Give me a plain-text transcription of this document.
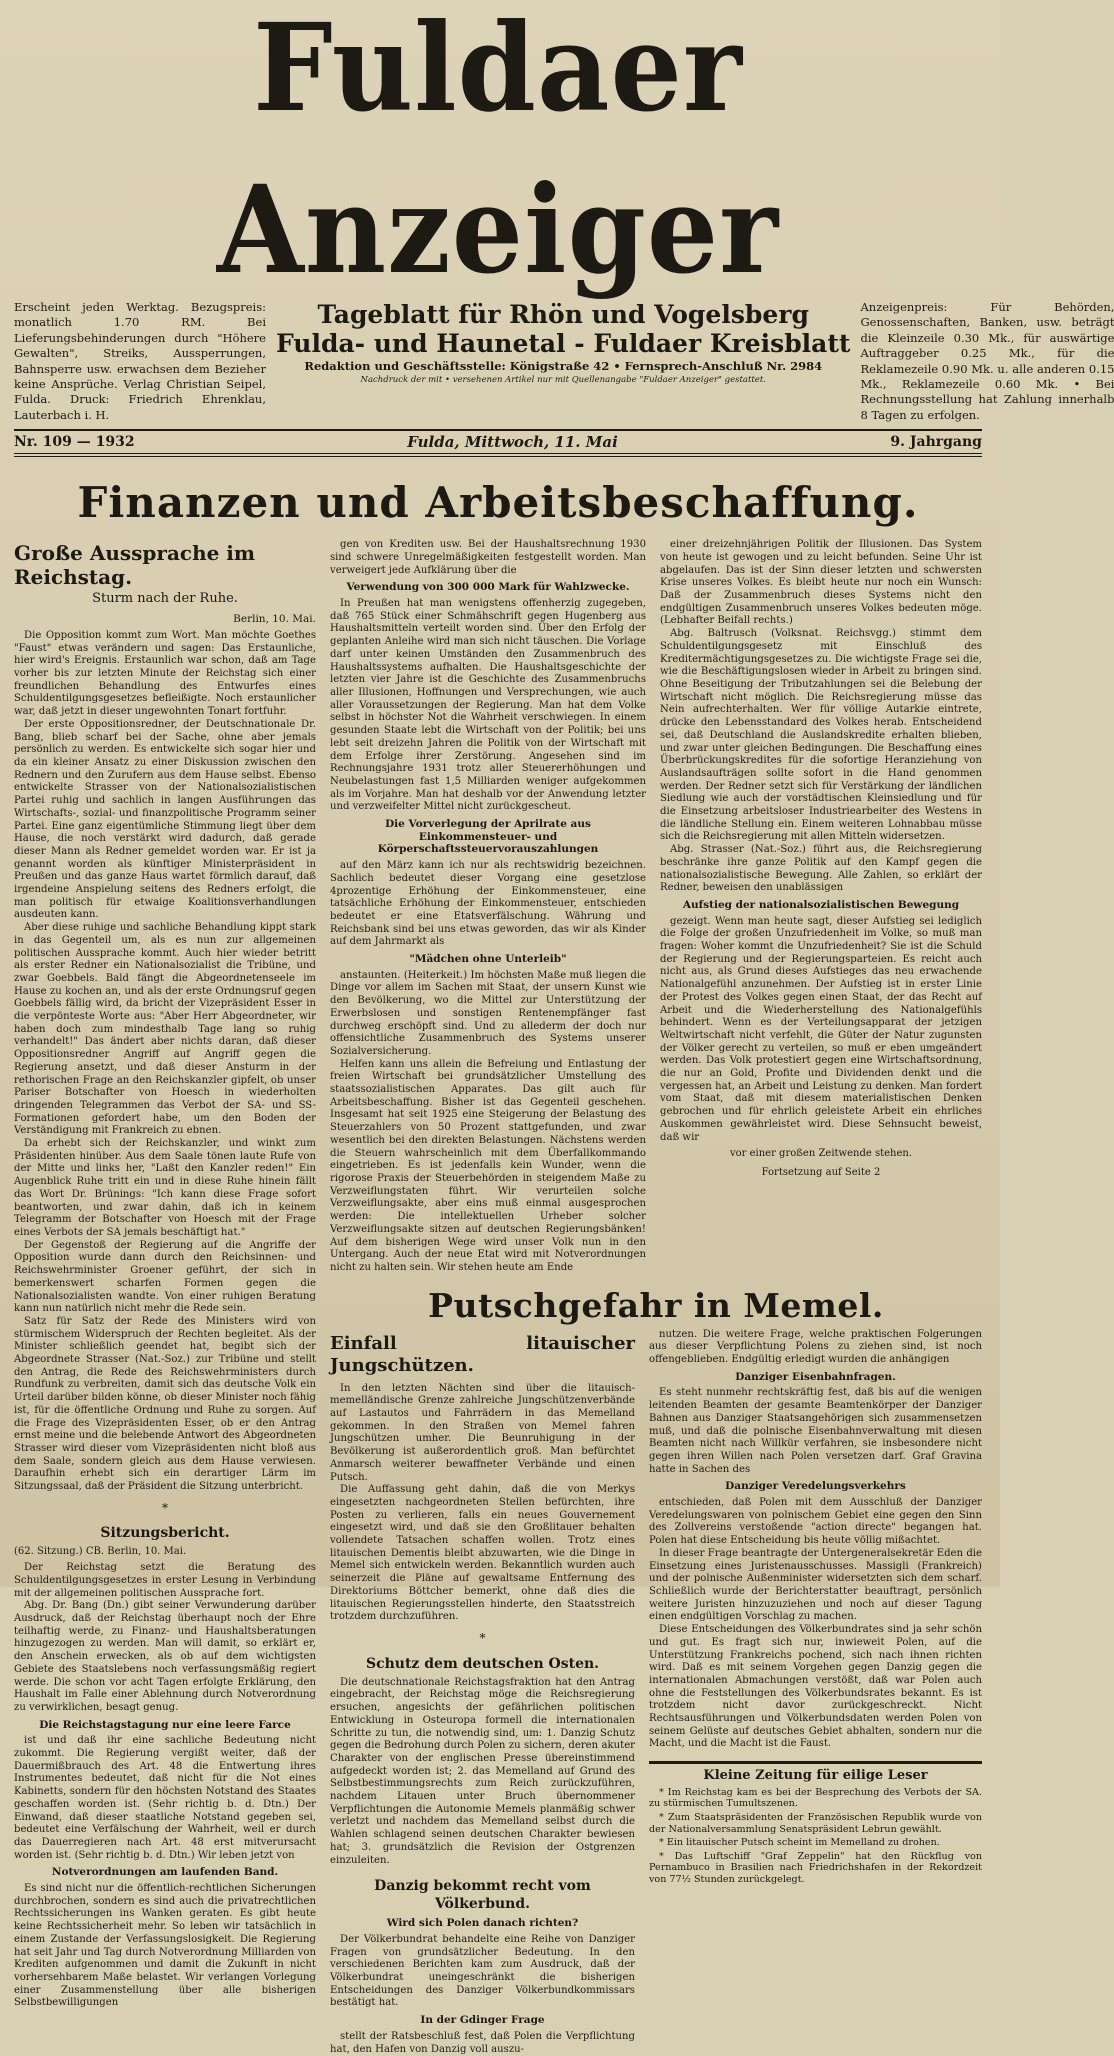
Fuldaer Anzeiger
Erscheint jeden Werktag. Bezugspreis: monatlich 1.70 RM. Bei Lieferungsbehinderungen durch "Höhere Gewalten", Streiks, Aussperrungen, Bahnsperre usw. erwachsen dem Bezieher keine Ansprüche. Verlag Christian Seipel, Fulda. Druck: Friedrich Ehrenklau, Lauterbach i. H.
Tageblatt für Rhön und Vogelsberg
Fulda- und Haunetal - Fuldaer Kreisblatt
Redaktion und Geschäftsstelle: Königstraße 42 • Fernsprech-Anschluß Nr. 2984
Nachdruck der mit • versehenen Artikel nur mit Quellenangabe "Fuldaer Anzeiger" gestattet.
Anzeigenpreis: Für Behörden, Genossenschaften, Banken, usw. beträgt die Kleinzeile 0.30 Mk., für auswärtige Auftraggeber 0.25 Mk., für die Reklamezeile 0.90 Mk. u. alle anderen 0.15 Mk., Reklamezeile 0.60 Mk. • Bei Rechnungsstellung hat Zahlung innerhalb 8 Tagen zu erfolgen.
Nr. 109 — 1932	Fulda, Mittwoch, 11. Mai	9. Jahrgang
Finanzen und Arbeitsbeschaffung.
Große Aussprache im Reichstag.
Sturm nach der Ruhe.
Berlin, 10. Mai.

Die Opposition kommt zum Wort. Man möchte Goethes "Faust" etwas verändern und sagen: Das Erstaunliche, hier wird's Ereignis. Erstaunlich war schon, daß am Tage vorher bis zur letzten Minute der Reichstag sich einer freundlichen Behandlung des Entwurfes eines Schuldentilgungsgesetzes befleißigte. Noch erstaunlicher war, daß jetzt in dieser ungewohnten Tonart fortfuhr.

Der erste Oppositionsredner, der Deutschnationale Dr. Bang, blieb scharf bei der Sache, ohne aber jemals persönlich zu werden. Es entwickelte sich sogar hier und da ein kleiner Ansatz zu einer Diskussion zwischen den Rednern und den Zurufern aus dem Hause selbst. Ebenso entwickelte Strasser von der Nationalsozialistischen Partei ruhig und sachlich in langen Ausführungen das Wirtschafts-, sozial- und finanzpolitische Programm seiner Partei. Eine ganz eigentümliche Stimmung liegt über dem Hause, die noch verstärkt wird dadurch, daß gerade dieser Mann als Redner gemeldet worden war. Er ist ja genannt worden als künftiger Ministerpräsident in Preußen und das ganze Haus wartet förmlich darauf, daß irgendeine Anspielung seitens des Redners erfolgt, die man politisch für etwaige Koalitionsverhandlungen ausdeuten kann.

Aber diese ruhige und sachliche Behandlung kippt stark in das Gegenteil um, als es nun zur allgemeinen politischen Aussprache kommt. Auch hier wieder betritt als erster Redner ein Nationalsozialist die Tribüne, und zwar Goebbels. Bald fängt die Abgeordnetenseele im Hause zu kochen an, und als der erste Ordnungsruf gegen Goebbels fällig wird, da bricht der Vizepräsident Esser in die verpönteste Worte aus: "Aber Herr Abgeordneter, wir haben doch zum mindesthalb Tage lang so ruhig verhandelt!" Das ändert aber nichts daran, daß dieser Oppositionsredner Angriff auf Angriff gegen die Regierung ansetzt, und daß dieser Ansturm in der rethorischen Frage an den Reichskanzler gipfelt, ob unser Pariser Botschafter von Hoesch in wiederholten dringenden Telegrammen das Verbot der SA- und SS-Formationen gefordert habe, um den Boden der Verständigung mit Frankreich zu ebnen.

Da erhebt sich der Reichskanzler, und winkt zum Präsidenten hinüber. Aus dem Saale tönen laute Rufe von der Mitte und links her, "Laßt den Kanzler reden!" Ein Augenblick Ruhe tritt ein und in diese Ruhe hinein fällt das Wort Dr. Brünings: "Ich kann diese Frage sofort beantworten, und zwar dahin, daß ich in keinem Telegramm der Botschafter von Hoesch mit der Frage eines Verbots der SA jemals beschäftigt hat."

Der Gegenstoß der Regierung auf die Angriffe der Opposition wurde dann durch den Reichsinnen- und Reichswehrminister Groener geführt, der sich in bemerkenswert scharfen Formen gegen die Nationalsozialisten wandte. Von einer ruhigen Beratung kann nun natürlich nicht mehr die Rede sein.

Satz für Satz der Rede des Ministers wird von stürmischem Widerspruch der Rechten begleitet. Als der Minister schließlich geendet hat, begibt sich der Abgeordnete Strasser (Nat.-Soz.) zur Tribüne und stellt den Antrag, die Rede des Reichswehrministers durch Rundfunk zu verbreiten, damit sich das deutsche Volk ein Urteil darüber bilden könne, ob dieser Minister noch fähig ist, für die öffentliche Ordnung und Ruhe zu sorgen. Auf die Frage des Vizepräsidenten Esser, ob er den Antrag ernst meine und die belebende Antwort des Abgeordneten Strasser wird dieser vom Vizepräsidenten nicht bloß aus dem Saale, sondern gleich aus dem Hause verwiesen. Daraufhin erhebt sich ein derartiger Lärm im Sitzungssaal, daß der Präsident die Sitzung unterbricht.

*
Sitzungsbericht.
(62. Sitzung.) CB. Berlin, 10. Mai.

Der Reichstag setzt die Beratung des Schuldentilgungsgesetzes in erster Lesung in Verbindung mit der allgemeinen politischen Aussprache fort.

Abg. Dr. Bang (Dn.) gibt seiner Verwunderung darüber Ausdruck, daß der Reichstag überhaupt noch der Ehre teilhaftig werde, zu Finanz- und Haushaltsberatungen hinzugezogen zu werden. Man will damit, so erklärt er, den Anschein erwecken, als ob auf dem wichtigsten Gebiete des Staatslebens noch verfassungsmäßig regiert werde. Die schon vor acht Tagen erfolgte Erklärung, den Haushalt im Falle einer Ablehnung durch Notverordnung zu verwirklichen, besagt genug.

Die Reichstagstagung nur eine leere Farce

ist und daß ihr eine sachliche Bedeutung nicht zukommt. Die Regierung vergißt weiter, daß der Dauermißbrauch des Art. 48 die Entwertung ihres Instrumentes bedeutet, daß nicht für die Not eines Kabinetts, sondern für den höchsten Notstand des Staates geschaffen worden ist. (Sehr richtig b. d. Dtn.) Der Einwand, daß dieser staatliche Notstand gegeben sei, bedeutet eine Verfälschung der Wahrheit, weil er durch das Dauerregieren nach Art. 48 erst mitverursacht worden ist. (Sehr richtig b. d. Dtn.) Wir leben jetzt von

Notverordnungen am laufenden Band.

Es sind nicht nur die öffentlich-rechtlichen Sicherungen durchbrochen, sondern es sind auch die privatrechtlichen Rechtssicherungen ins Wanken geraten. Es gibt heute keine Rechtssicherheit mehr. So leben wir tatsächlich in einem Zustande der Verfassungslosigkeit. Die Regierung hat seit Jahr und Tag durch Notverordnung Milliarden von Krediten aufgenommen und damit die Zukunft in nicht vorhersehbarem Maße belastet. Wir verlangen Vorlegung einer Zusammenstellung über alle bisherigen Selbstbewilligungen

gen von Krediten usw. Bei der Haushaltsrechnung 1930 sind schwere Unregelmäßigkeiten festgestellt worden. Man verweigert jede Aufklärung über die

Verwendung von 300 000 Mark für Wahlzwecke.

In Preußen hat man wenigstens offenherzig zugegeben, daß 765 Stück einer Schmähschrift gegen Hugenberg aus Haushaltsmitteln verteilt worden sind. Über den Erfolg der geplanten Anleihe wird man sich nicht täuschen. Die Vorlage darf unter keinen Umständen den Zusammenbruch des Haushaltssystems aufhalten. Die Haushaltsgeschichte der letzten vier Jahre ist die Geschichte des Zusammenbruchs aller Illusionen, Hoffnungen und Versprechungen, wie auch aller Voraussetzungen der Regierung. Man hat dem Volke selbst in höchster Not die Wahrheit verschwiegen. In einem gesunden Staate lebt die Wirtschaft von der Politik; bei uns lebt seit dreizehn Jahren die Politik von der Wirtschaft mit dem Erfolge ihrer Zerstörung. Angesehen sind im Rechnungsjahre 1931 trotz aller Steuererhöhungen und Neubelastungen fast 1,5 Milliarden weniger aufgekommen als im Vorjahre. Man hat deshalb vor der Anwendung letzter und verzweifelter Mittel nicht zurückgescheut.

Die Vorverlegung der Aprilrate aus Einkommensteuer- und Körperschaftssteuervorauszahlungen

auf den März kann ich nur als rechtswidrig bezeichnen. Sachlich bedeutet dieser Vorgang eine gesetzlose 4prozentige Erhöhung der Einkommensteuer, eine tatsächliche Erhöhung der Einkommensteuer, entschieden bedeutet er eine Etatsverfälschung. Währung und Reichsbank sind bei uns etwas geworden, das wir als Kinder auf dem Jahrmarkt als

"Mädchen ohne Unterleib"

anstaunten. (Heiterkeit.) Im höchsten Maße muß liegen die Dinge vor allem im Sachen mit Staat, der unsern Kunst wie den Bevölkerung, wo die Mittel zur Unterstützung der Erwerbslosen und sonstigen Rentenempfänger fast durchweg erschöpft sind. Und zu allederm der doch nur offensichtliche Zusammenbruch des Systems unserer Sozialversicherung.

Helfen kann uns allein die Befreiung und Entlastung der freien Wirtschaft bei grundsätzlicher Umstellung des staatssozialistischen Apparates. Das gilt auch für Arbeitsbeschaffung. Bisher ist das Gegenteil geschehen. Insgesamt hat seit 1925 eine Steigerung der Belastung des Steuerzahlers von 50 Prozent stattgefunden, und zwar wesentlich bei den direkten Belastungen. Nächstens werden die Steuern wahrscheinlich mit dem Überfallkommando eingetrieben. Es ist jedenfalls kein Wunder, wenn die rigorose Praxis der Steuerbehörden in steigendem Maße zu Verzweiflungstaten führt. Wir verurteilen solche Verzweiflungsakte, aber eins muß einmal ausgesprochen werden: Die intellektuellen Urheber solcher Verzweiflungsakte sitzen auf deutschen Regierungsbänken! Auf dem bisherigen Wege wird unser Volk nun in den Untergang. Auch der neue Etat wird mit Notverordnungen nicht zu halten sein. Wir stehen heute am Ende

einer dreizehnjährigen Politik der Illusionen. Das System von heute ist gewogen und zu leicht befunden. Seine Uhr ist abgelaufen. Das ist der Sinn dieser letzten und schwersten Krise unseres Volkes. Es bleibt heute nur noch ein Wunsch: Daß der Zusammenbruch dieses Systems nicht den endgültigen Zusammenbruch unseres Volkes bedeuten möge. (Lebhafter Beifall rechts.)

Abg. Baltrusch (Volksnat. Reichsvgg.) stimmt dem Schuldentilgungsgesetz mit Einschluß des Kreditermächtigungsgesetzes zu. Die wichtigste Frage sei die, wie die Beschäftigungslosen wieder in Arbeit zu bringen sind. Ohne Beseitigung der Tributzahlungen sei die Belebung der Wirtschaft nicht möglich. Die Reichsregierung müsse das Nein aufrechterhalten. Wer für völlige Autarkie eintrete, drücke den Lebensstandard des Volkes herab. Entscheidend sei, daß Deutschland die Auslandskredite erhalten blieben, und zwar unter gleichen Bedingungen. Die Beschaffung eines Überbrückungskredites für die sofortige Heranziehung von Auslandsaufträgen sollte sofort in die Hand genommen werden. Der Redner setzt sich für Verstärkung der ländlichen Siedlung wie auch der vorstädtischen Kleinsiedlung und für die Einsetzung arbeitsloser Industriearbeiter des Westens in die ländliche Stellung ein. Einem weiteren Lohnabbau müsse sich die Reichsregierung mit allen Mitteln widersetzen.

Abg. Strasser (Nat.-Soz.) führt aus, die Reichsregierung beschränke ihre ganze Politik auf den Kampf gegen die nationalsozialistische Bewegung. Alle Zahlen, so erklärt der Redner, beweisen den unablässigen

Aufstieg der nationalsozialistischen Bewegung

gezeigt. Wenn man heute sagt, dieser Aufstieg sei lediglich die Folge der großen Unzufriedenheit im Volke, so muß man fragen: Woher kommt die Unzufriedenheit? Sie ist die Schuld der Regierung und der Regierungsparteien. Es reicht auch nicht aus, als Grund dieses Aufstieges das neu erwachende Nationalgefühl anzunehmen. Der Aufstieg ist in erster Linie der Protest des Volkes gegen einen Staat, der das Recht auf Arbeit und die Wiederherstellung des Nationalgefühls behindert. Wenn es der Verteilungsapparat der jetzigen Weltwirtschaft nicht verfehlt, die Güter der Natur zugunsten der Völker gerecht zu verteilen, so muß er eben umgeändert werden. Das Volk protestiert gegen eine Wirtschaftsordnung, die nur an Gold, Profite und Dividenden denkt und die vergessen hat, an Arbeit und Leistung zu denken. Man fordert vom Staat, daß mit diesem materialistischen Denken gebrochen und für ehrlich geleistete Arbeit ein ehrliches Auskommen gewährleistet wird. Diese Sehnsucht beweist, daß wir

vor einer großen Zeitwende stehen.
Fortsetzung auf Seite 2
Putschgefahr in Memel.
Einfall litauischer Jungschützen.

In den letzten Nächten sind über die litauisch-memelländische Grenze zahlreiche Jungschützenverbände auf Lastautos und Fahrrädern in das Memelland gekommen. In den Straßen von Memel fahren Jungschützen umher. Die Beunruhigung in der Bevölkerung ist außerordentlich groß. Man befürchtet Anmarsch weiterer bewaffneter Verbände und einen Putsch.

Die Auffassung geht dahin, daß die von Merkys eingesetzten nachgeordneten Stellen befürchten, ihre Posten zu verlieren, falls ein neues Gouvernement eingesetzt wird, und daß sie den Großlitauer behalten vollendete Tatsachen schaffen wollen. Trotz eines litauischen Dementis bleibt abzuwarten, wie die Dinge in Memel sich entwickeln werden. Bekanntlich wurden auch seinerzeit die Pläne auf gewaltsame Entfernung des Direktoriums Böttcher bemerkt, ohne daß dies die litauischen Regierungsstellen hinderte, den Staatsstreich trotzdem durchzuführen.

*
Schutz dem deutschen Osten.

Die deutschnationale Reichstagsfraktion hat den Antrag eingebracht, der Reichstag möge die Reichsregierung ersuchen, angesichts der gefährlichen politischen Entwicklung in Osteuropa formell die internationalen Schritte zu tun, die notwendig sind, um: 1. Danzig Schutz gegen die Bedrohung durch Polen zu sichern, deren akuter Charakter von der englischen Presse übereinstimmend aufgedeckt worden ist; 2. das Memelland auf Grund des Selbstbestimmungsrechts zum Reich zurückzuführen, nachdem Litauen unter Bruch übernommener Verpflichtungen die Autonomie Memels planmäßig schwer verletzt und nachdem das Memelland selbst durch die Wahlen schlagend seinen deutschen Charakter bewiesen hat; 3. grundsätzlich die Revision der Ostgrenzen einzuleiten.

Danzig bekommt recht vom Völkerbund.
Wird sich Polen danach richten?

Der Völkerbundrat behandelte eine Reihe von Danziger Fragen von grundsätzlicher Bedeutung. In den verschiedenen Berichten kam zum Ausdruck, daß der Völkerbundrat uneingeschränkt die bisherigen Entscheidungen des Danziger Völkerbundkommissars bestätigt hat.

In der Gdinger Frage

stellt der Ratsbeschluß fest, daß Polen die Verpflichtung hat, den Hafen von Danzig voll auszu-

nutzen. Die weitere Frage, welche praktischen Folgerungen aus dieser Verpflichtung Polens zu ziehen sind, ist noch offengeblieben. Endgültig erledigt wurden die anhängigen

Danziger Eisenbahnfragen.

Es steht nunmehr rechtskräftig fest, daß bis auf die wenigen leitenden Beamten der gesamte Beamtenkörper der Danziger Bahnen aus Danziger Staatsangehörigen sich zusammensetzen muß, und daß die polnische Eisenbahnverwaltung mit diesen Beamten nicht nach Willkür verfahren, sie insbesondere nicht gegen ihren Willen nach Polen versetzen darf. Graf Gravina hatte in Sachen des

Danziger Veredelungsverkehrs

entschieden, daß Polen mit dem Ausschluß der Danziger Veredelungswaren von polnischem Gebiet eine gegen den Sinn des Zollvereins verstoßende "action directe" begangen hat. Polen hat diese Entscheidung bis heute völlig mißachtet.

In dieser Frage beantragte der Untergeneralsekretär Eden die Einsetzung eines Juristenausschusses. Massigli (Frankreich) und der polnische Außenminister widersetzten sich dem scharf. Schließlich wurde der Berichterstatter beauftragt, persönlich weitere Juristen hinzuzuziehen und noch auf dieser Tagung einen endgültigen Vorschlag zu machen.

Diese Entscheidungen des Völkerbundrates sind ja sehr schön und gut. Es fragt sich nur, inwieweit Polen, auf die Unterstützung Frankreichs pochend, sich nach ihnen richten wird. Daß es mit seinem Vorgehen gegen Danzig gegen die internationalen Abmachungen verstößt, daß war Polen auch ohne die Feststellungen des Völkerbundsrates bekannt. Es ist trotzdem nicht davor zurückgeschreckt. Nicht Rechtsausführungen und Völkerbundsdaten werden Polen von seinem Gelüste auf deutsches Gebiet abhalten, sondern nur die Macht, und die Macht ist die Faust.

Kleine Zeitung für eilige Leser

* Im Reichstag kam es bei der Besprechung des Verbots der SA. zu stürmischen Tumultszenen.

* Zum Staatspräsidenten der Französischen Republik wurde von der Nationalversammlung Senatspräsident Lebrun gewählt.

* Ein litauischer Putsch scheint im Memelland zu drohen.

* Das Luftschiff "Graf Zeppelin" hat den Rückflug von Pernambuco in Brasilien nach Friedrichshafen in der Rekordzeit von 77½ Stunden zurückgelegt.
